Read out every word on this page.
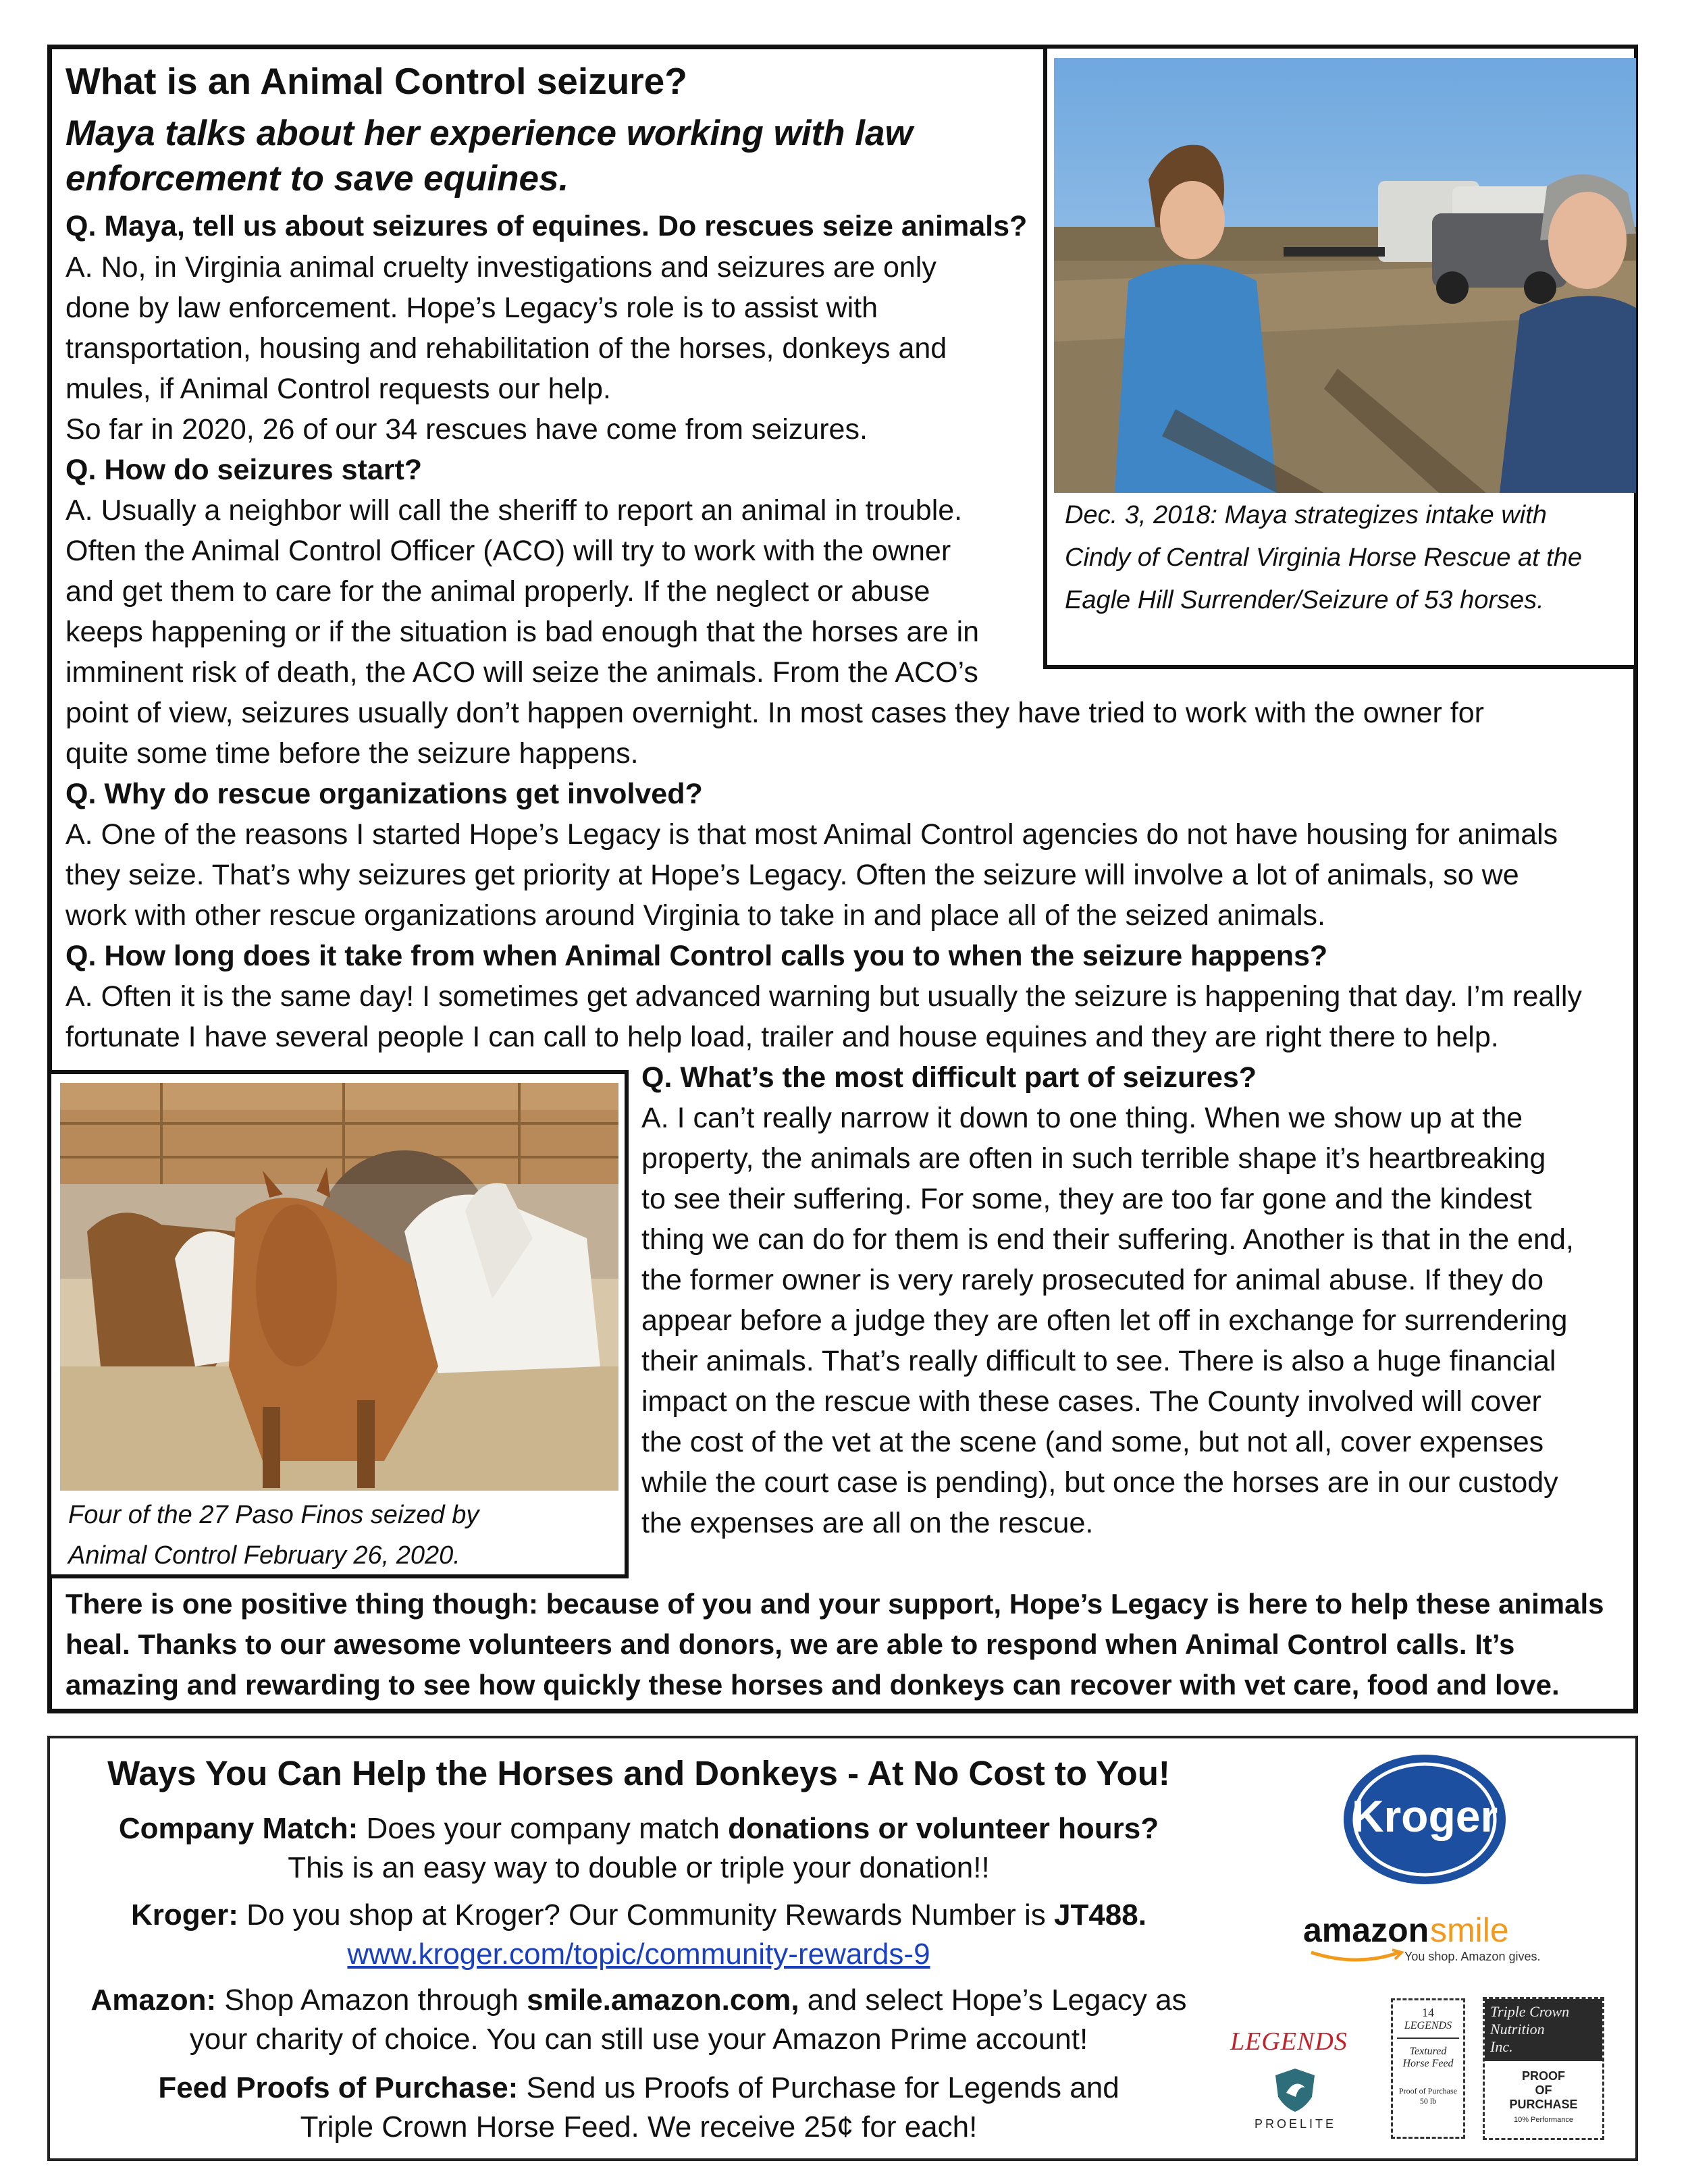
What is an Animal Control seizure?
Maya talks about her experience working with law
enforcement to save equines.
Q. Maya, tell us about seizures of equines. Do rescues seize animals?
A. No, in Virginia animal cruelty investigations and seizures are only
done by law enforcement. Hope’s Legacy’s role is to assist with
transportation, housing and rehabilitation of the horses, donkeys and
mules, if Animal Control requests our help.
So far in 2020, 26 of our 34 rescues have come from seizures.
Q. How do seizures start?
A. Usually a neighbor will call the sheriff to report an animal in trouble.
Often the Animal Control Officer (ACO) will try to work with the owner
and get them to care for the animal properly. If the neglect or abuse
keeps happening or if the situation is bad enough that the horses are in
imminent risk of death, the ACO will seize the animals. From the ACO’s
point of view, seizures usually don’t happen overnight. In most cases they have tried to work with the owner for
quite some time before the seizure happens.
Q. Why do rescue organizations get involved?
A. One of the reasons I started Hope’s Legacy is that most Animal Control agencies do not have housing for animals
they seize. That’s why seizures get priority at Hope’s Legacy. Often the seizure will involve a lot of animals, so we
work with other rescue organizations around Virginia to take in and place all of the seized animals.
Q. How long does it take from when Animal Control calls you to when the seizure happens?
A. Often it is the same day! I sometimes get advanced warning but usually the seizure is happening that day. I’m really
fortunate I have several people I can call to help load, trailer and house equines and they are right there to help.
Q. What’s the most difficult part of seizures?
A. I can’t really narrow it down to one thing. When we show up at the
property, the animals are often in such terrible shape it’s heartbreaking
to see their suffering. For some, they are too far gone and the kindest
thing we can do for them is end their suffering. Another is that in the end,
the former owner is very rarely prosecuted for animal abuse. If they do
appear before a judge they are often let off in exchange for surrendering
their animals. That’s really difficult to see. There is also a huge financial
impact on the rescue with these cases. The County involved will cover
the cost of the vet at the scene (and some, but not all, cover expenses
while the court case is pending), but once the horses are in our custody
the expenses are all on the rescue.
There is one positive thing though: because of you and your support, Hope’s Legacy is here to help these animals
heal. Thanks to our awesome volunteers and donors, we are able to respond when Animal Control calls. It’s
amazing and rewarding to see how quickly these horses and donkeys can recover with vet care, food and love.
Dec. 3, 2018: Maya strategizes intake with
Cindy of Central Virginia Horse Rescue at the
Eagle Hill Surrender/Seizure of 53 horses.
Four of the 27 Paso Finos seized by
Animal Control February 26, 2020.
Ways You Can Help the Horses and Donkeys - At No Cost to You!
Company Match: Does your company match donations or volunteer hours?
This is an easy way to double or triple your donation!!
Kroger: Do you shop at Kroger? Our Community Rewards Number is JT488.
www.kroger.com/topic/community-rewards-9
Amazon: Shop Amazon through smile.amazon.com, and select Hope’s Legacy as
your charity of choice. You can still use your Amazon Prime account!
Feed Proofs of Purchase: Send us Proofs of Purchase for Legends and
Triple Crown Horse Feed. We receive 25¢ for each!
Kroger
amazon smile
You shop. Amazon gives.
LEGENDS
PROELITE
14
LEGENDS
Textured
Horse Feed
Proof of Purchase
50 lb
Triple Crown
Nutrition
Inc.
PROOF
OF
PURCHASE
10% Performance
